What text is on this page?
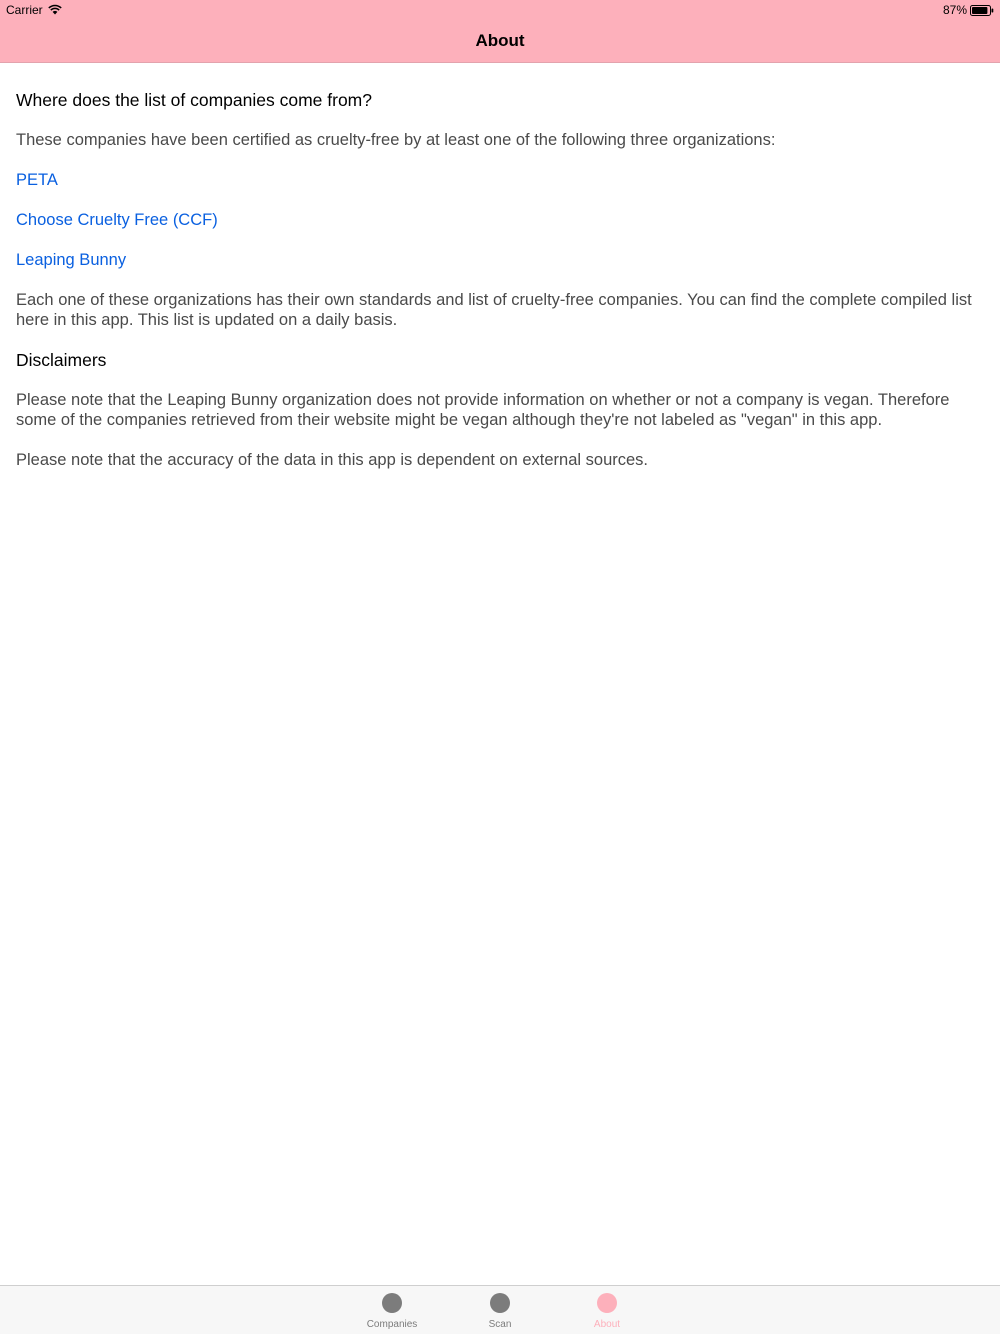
Carrier	87%
About
Where does the list of companies come from?
These companies have been certified as cruelty-free by at least one of the following three organizations:
PETA
Choose Cruelty Free (CCF)
Leaping Bunny
Each one of these organizations has their own standards and list of cruelty-free companies. You can find the complete compiled list here in this app. This list is updated on a daily basis.
Disclaimers
Please note that the Leaping Bunny organization does not provide information on whether or not a company is vegan. Therefore some of the companies retrieved from their website might be vegan although they're not labeled as "vegan" in this app.
Please note that the accuracy of the data in this app is dependent on external sources.
Companies	Scan	About
